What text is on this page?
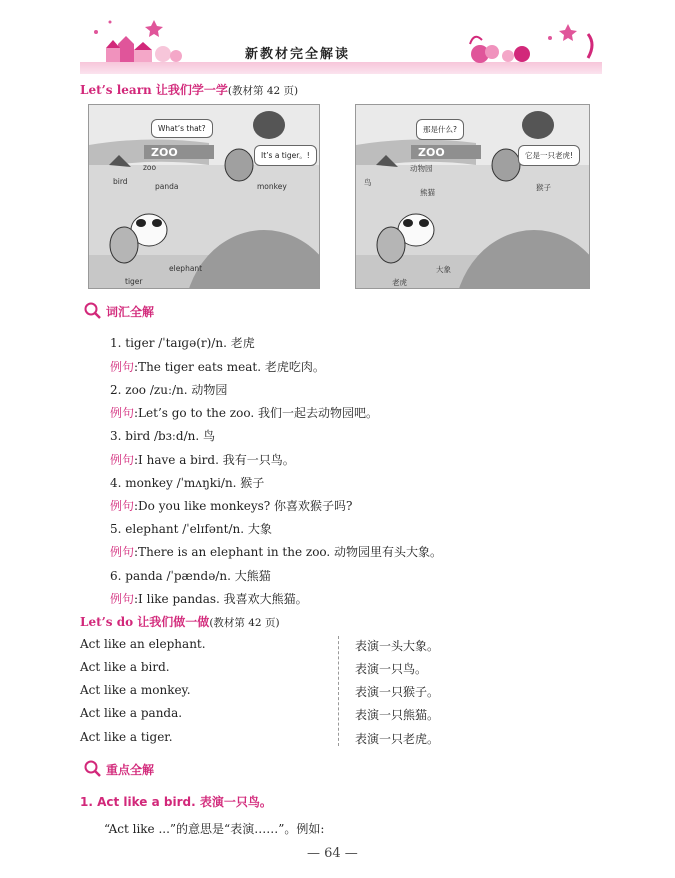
新教材完全解读
Let’s learn 让我们学一学(教材第 42 页)
What’s that?
It’s a tiger。!
ZOO
zoo
bird
panda	monkey
elephant
tiger
那是什么?
它是一只老虎!
ZOO
动物园
鸟
熊猫
猴子
大象
老虎
词汇全解
1. tiger /ˈtaɪɡə(r)/n. 老虎
例句:The tiger eats meat. 老虎吃肉。
2. zoo /zuː/n. 动物园
例句:Let’s go to the zoo. 我们一起去动物园吧。
3. bird /bɜːd/n. 鸟
例句:I have a bird. 我有一只鸟。
4. monkey /ˈmʌŋki/n. 猴子
例句:Do you like monkeys? 你喜欢猴子吗?
5. elephant /ˈelɪfənt/n. 大象
例句:There is an elephant in the zoo. 动物园里有头大象。
6. panda /ˈpændə/n. 大熊猫
例句:I like pandas. 我喜欢大熊猫。
Let’s do 让我们做一做(教材第 42 页)
Act like an elephant.	表演一头大象。
Act like a bird.	表演一只鸟。
Act like a monkey.	表演一只猴子。
Act like a panda.	表演一只熊猫。
Act like a tiger.	表演一只老虎。
重点全解
1. Act like a bird. 表演一只鸟。
“Act like ...”的意思是“表演……”。例如:
— 64 —
